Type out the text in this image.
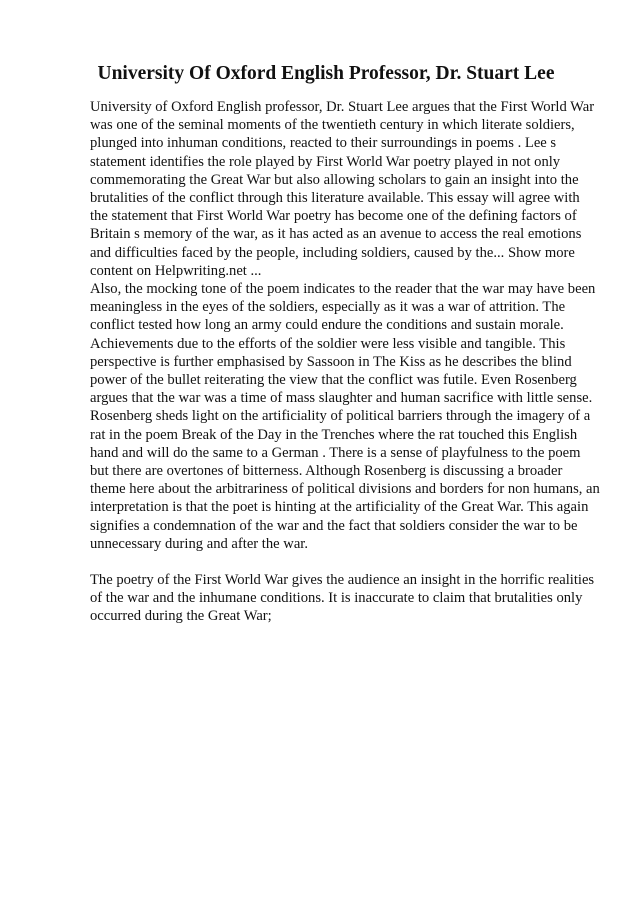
University Of Oxford English Professor, Dr. Stuart Lee

University of Oxford English professor, Dr. Stuart Lee argues that the First World War was one of the seminal moments of the twentieth century in which literate soldiers, plunged into inhuman conditions, reacted to their surroundings in poems . Lee s statement identifies the role played by First World War poetry played in not only commemorating the Great War but also allowing scholars to gain an insight into the brutalities of the conflict through this literature available. This essay will agree with the statement that First World War poetry has become one of the defining factors of Britain s memory of the war, as it has acted as an avenue to access the real emotions and difficulties faced by the people, including soldiers, caused by the... Show more content on Helpwriting.net ...

Also, the mocking tone of the poem indicates to the reader that the war may have been meaningless in the eyes of the soldiers, especially as it was a war of attrition. The conflict tested how long an army could endure the conditions and sustain morale. Achievements due to the efforts of the soldier were less visible and tangible. This perspective is further emphasised by Sassoon in The Kiss as he describes the blind power of the bullet reiterating the view that the conflict was futile. Even Rosenberg argues that the war was a time of mass slaughter and human sacrifice with little sense. Rosenberg sheds light on the artificiality of political barriers through the imagery of a rat in the poem Break of the Day in the Trenches where the rat touched this English hand and will do the same to a German . There is a sense of playfulness to the poem but there are overtones of bitterness. Although Rosenberg is discussing a broader theme here about the arbitrariness of political divisions and borders for non humans, an interpretation is that the poet is hinting at the artificiality of the Great War. This again signifies a condemnation of the war and the fact that soldiers consider the war to be unnecessary during and after the war.

The poetry of the First World War gives the audience an insight in the horrific realities of the war and the inhumane conditions. It is inaccurate to claim that brutalities only occurred during the Great War;
